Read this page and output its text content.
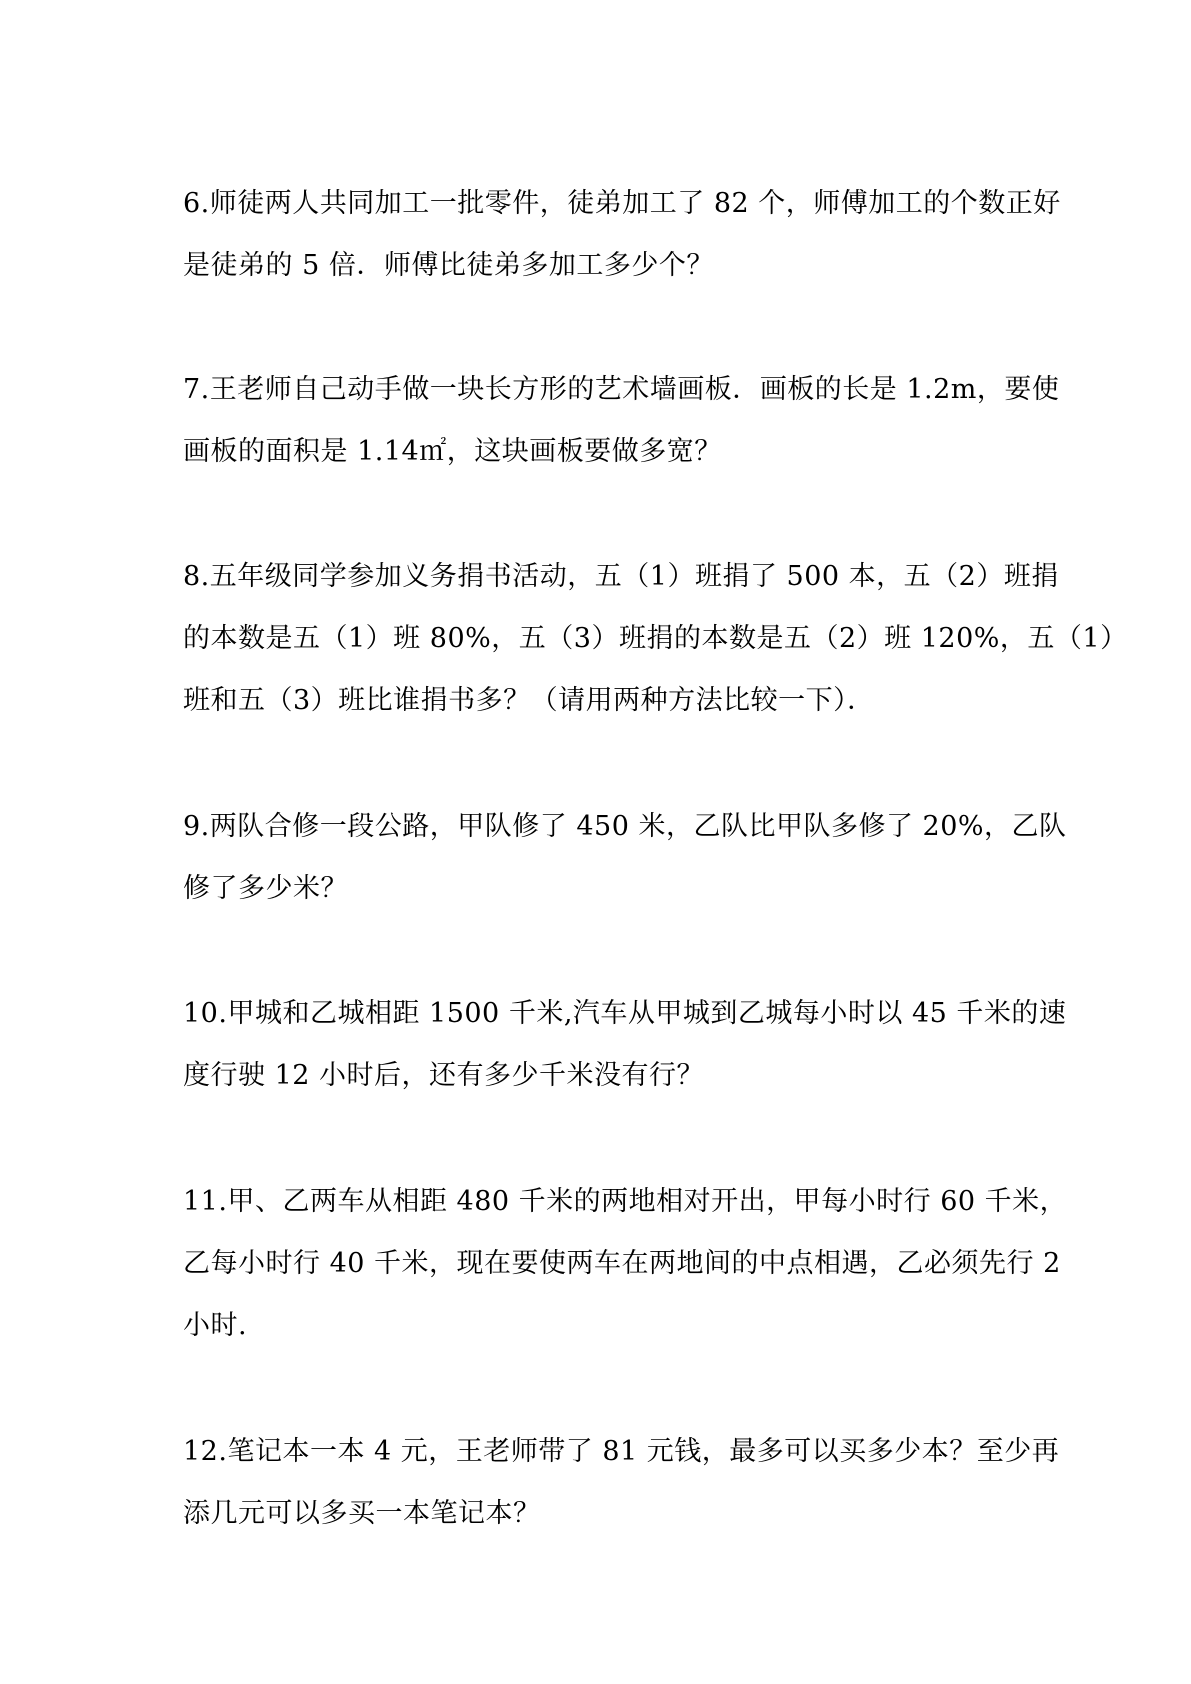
6.师徒两人共同加工一批零件，徒弟加工了 82 个，师傅加工的个数正好
是徒弟的 5 倍．师傅比徒弟多加工多少个？
7.王老师自己动手做一块长方形的艺术墙画板．画板的长是 1.2m，要使
画板的面积是 1.14㎡，这块画板要做多宽？
8.五年级同学参加义务捐书活动，五（1）班捐了 500 本，五（2）班捐
的本数是五（1）班 80%，五（3）班捐的本数是五（2）班 120%，五（1）
班和五（3）班比谁捐书多？（请用两种方法比较一下）．
9.两队合修一段公路，甲队修了 450 米，乙队比甲队多修了 20%，乙队
修了多少米？
10.甲城和乙城相距 1500 千米,汽车从甲城到乙城每小时以 45 千米的速
度行驶 12 小时后，还有多少千米没有行？
11.甲、乙两车从相距 480 千米的两地相对开出，甲每小时行 60 千米，
乙每小时行 40 千米，现在要使两车在两地间的中点相遇，乙必须先行 2
小时.
12.笔记本一本 4 元，王老师带了 81 元钱，最多可以买多少本？至少再
添几元可以多买一本笔记本？
